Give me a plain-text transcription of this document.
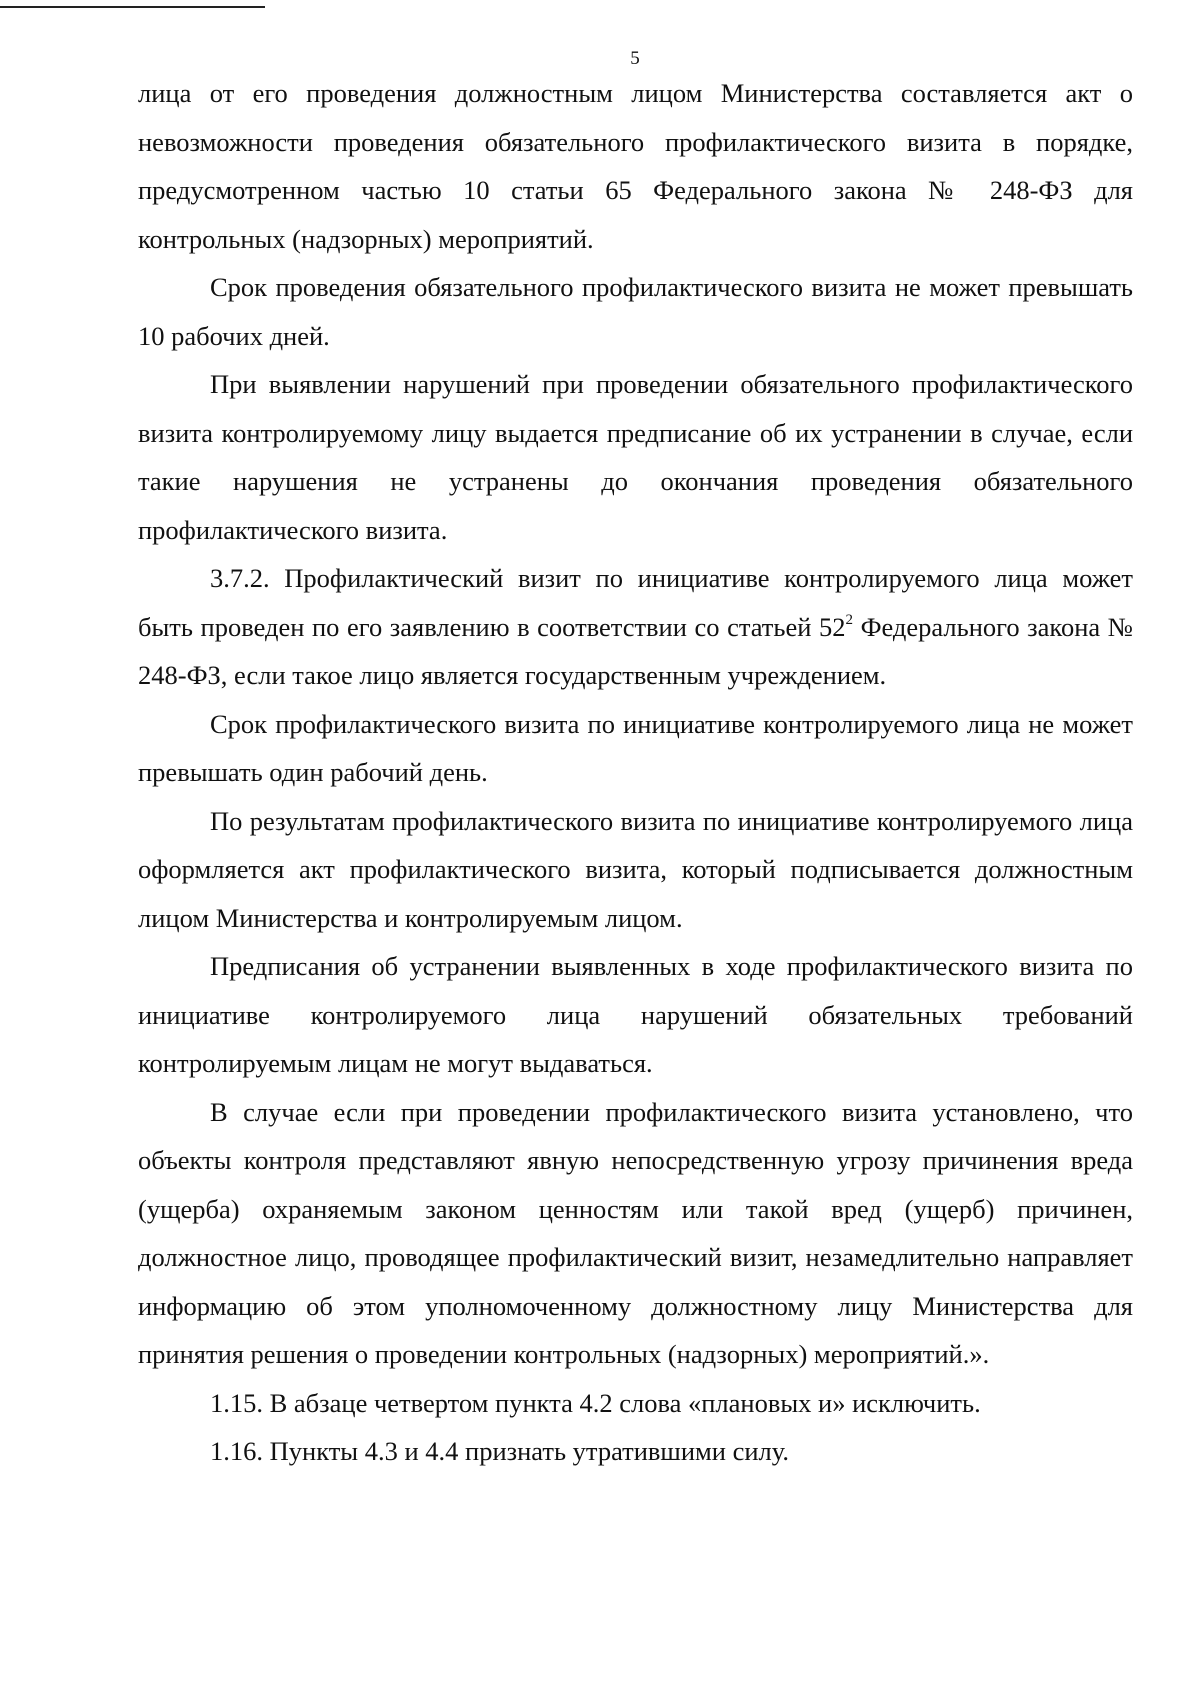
5

лица от его проведения должностным лицом Министерства составляется акт о невозможности проведения обязательного профилактического визита в порядке, предусмотренном частью 10 статьи 65 Федерального закона № 248-ФЗ для контрольных (надзорных) мероприятий.

Срок проведения обязательного профилактического визита не может превышать 10 рабочих дней.

При выявлении нарушений при проведении обязательного профилактического визита контролируемому лицу выдается предписание об их устранении в случае, если такие нарушения не устранены до окончания проведения обязательного профилактического визита.

3.7.2. Профилактический визит по инициативе контролируемого лица может быть проведен по его заявлению в соответствии со статьей $52^2$ Федерального закона № 248-ФЗ, если такое лицо является государственным учреждением.

Срок профилактического визита по инициативе контролируемого лица не может превышать один рабочий день.

По результатам профилактического визита по инициативе контролируемого лица оформляется акт профилактического визита, который подписывается должностным лицом Министерства и контролируемым лицом.

Предписания об устранении выявленных в ходе профилактического визита по инициативе контролируемого лица нарушений обязательных требований контролируемым лицам не могут выдаваться.

В случае если при проведении профилактического визита установлено, что объекты контроля представляют явную непосредственную угрозу причинения вреда (ущерба) охраняемым законом ценностям или такой вред (ущерб) причинен, должностное лицо, проводящее профилактический визит, незамедлительно направляет информацию об этом уполномоченному должностному лицу Министерства для принятия решения о проведении контрольных (надзорных) мероприятий.».

1.15. В абзаце четвертом пункта 4.2 слова «плановых и» исключить.

1.16. Пункты 4.3 и 4.4 признать утратившими силу.
